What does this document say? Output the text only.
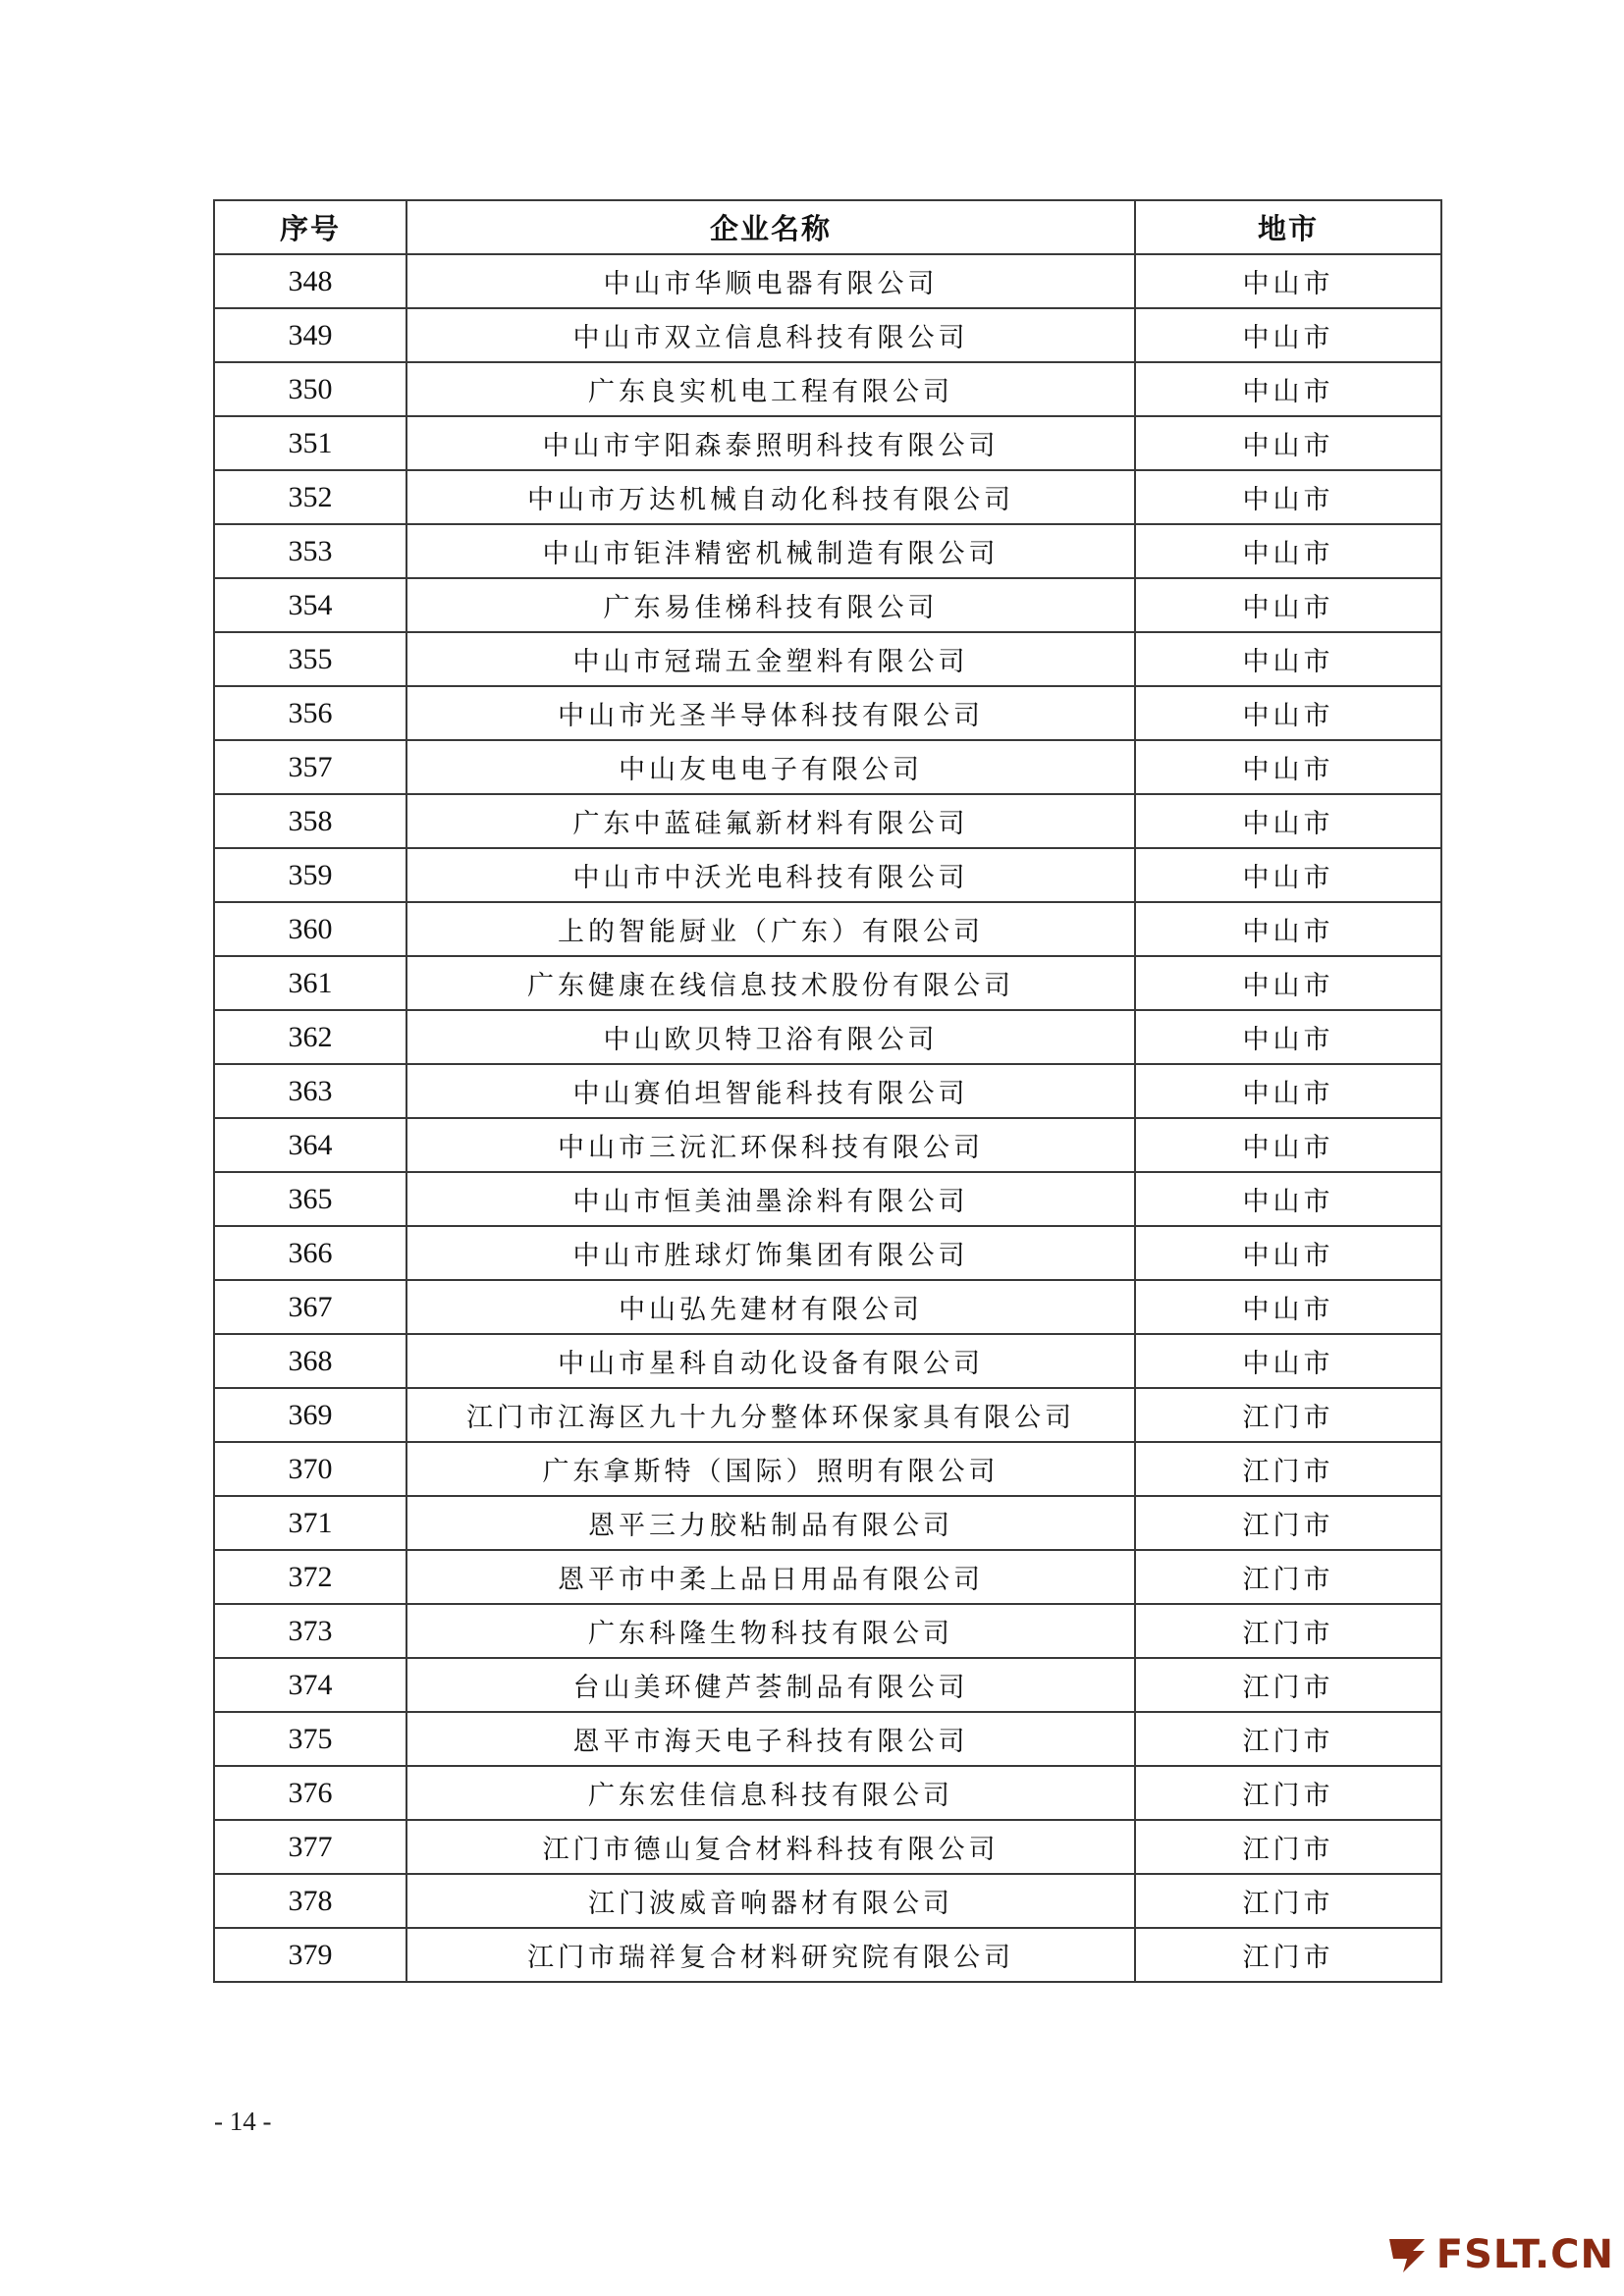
序号	企业名称	地市
348	中山市华顺电器有限公司	中山市
349	中山市双立信息科技有限公司	中山市
350	广东良实机电工程有限公司	中山市
351	中山市宇阳森泰照明科技有限公司	中山市
352	中山市万达机械自动化科技有限公司	中山市
353	中山市钜沣精密机械制造有限公司	中山市
354	广东易佳梯科技有限公司	中山市
355	中山市冠瑞五金塑料有限公司	中山市
356	中山市光圣半导体科技有限公司	中山市
357	中山友电电子有限公司	中山市
358	广东中蓝硅氟新材料有限公司	中山市
359	中山市中沃光电科技有限公司	中山市
360	上的智能厨业（广东）有限公司	中山市
361	广东健康在线信息技术股份有限公司	中山市
362	中山欧贝特卫浴有限公司	中山市
363	中山赛伯坦智能科技有限公司	中山市
364	中山市三沅汇环保科技有限公司	中山市
365	中山市恒美油墨涂料有限公司	中山市
366	中山市胜球灯饰集团有限公司	中山市
367	中山弘先建材有限公司	中山市
368	中山市星科自动化设备有限公司	中山市
369	江门市江海区九十九分整体环保家具有限公司	江门市
370	广东拿斯特（国际）照明有限公司	江门市
371	恩平三力胶粘制品有限公司	江门市
372	恩平市中柔上品日用品有限公司	江门市
373	广东科隆生物科技有限公司	江门市
374	台山美环健芦荟制品有限公司	江门市
375	恩平市海天电子科技有限公司	江门市
376	广东宏佳信息科技有限公司	江门市
377	江门市德山复合材料科技有限公司	江门市
378	江门波威音响器材有限公司	江门市
379	江门市瑞祥复合材料研究院有限公司	江门市
- 14 -
FSLT.CN
